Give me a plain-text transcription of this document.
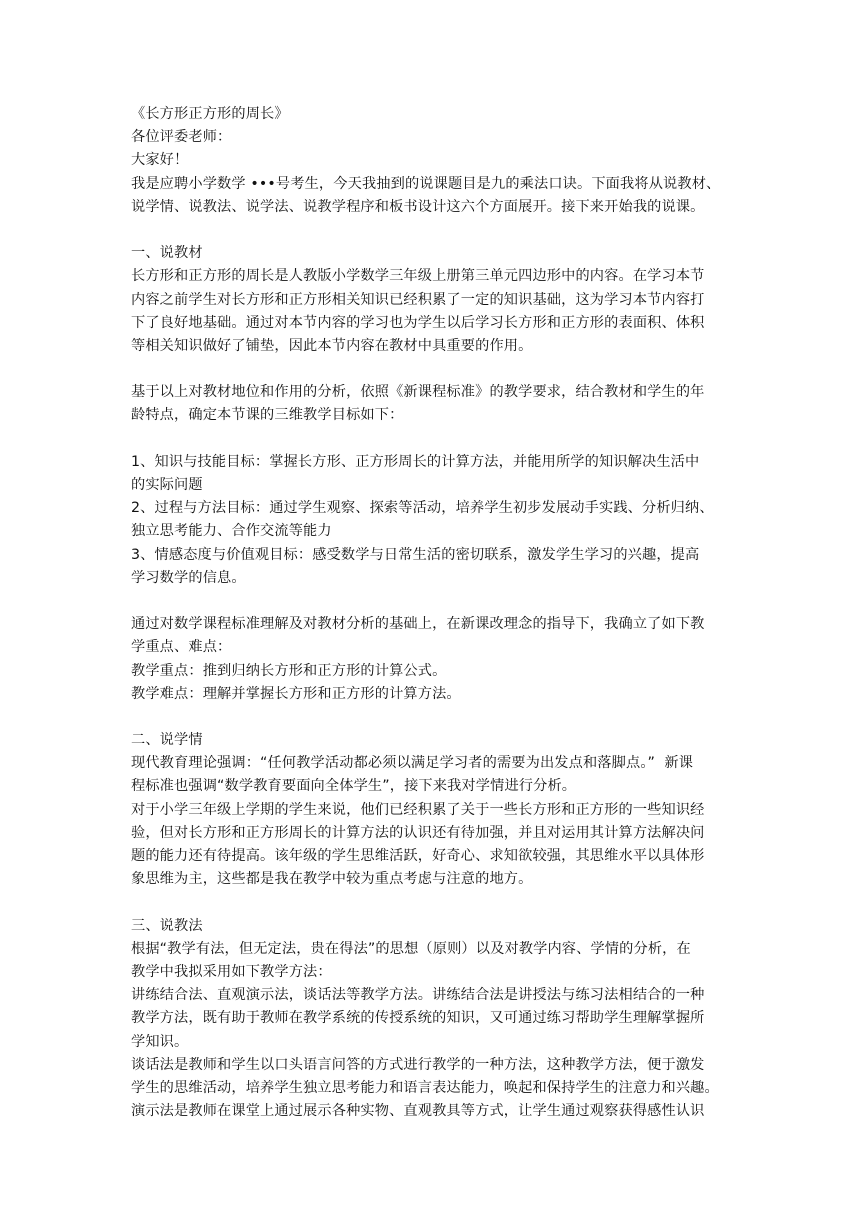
《长方形正方形的周长》
各位评委老师：
大家好！
我是应聘小学数学 •••号考生，今天我抽到的说课题目是九的乘法口诀。下面我将从说教材、
说学情、说教法、说学法、说教学程序和板书设计这六个方面展开。接下来开始我的说课。
一、说教材
长方形和正方形的周长是人教版小学数学三年级上册第三单元四边形中的内容。在学习本节
内容之前学生对长方形和正方形相关知识已经积累了一定的知识基础，这为学习本节内容打
下了良好地基础。通过对本节内容的学习也为学生以后学习长方形和正方形的表面积、体积
等相关知识做好了铺垫，因此本节内容在教材中具重要的作用。
基于以上对教材地位和作用的分析，依照《新课程标准》的教学要求，结合教材和学生的年
龄特点，确定本节课的三维教学目标如下：
1、知识与技能目标：掌握长方形、正方形周长的计算方法，并能用所学的知识解决生活中
的实际问题
2、过程与方法目标：通过学生观察、探索等活动，培养学生初步发展动手实践、分析归纳、
独立思考能力、合作交流等能力
3、情感态度与价值观目标：感受数学与日常生活的密切联系，激发学生学习的兴趣，提高
学习数学的信息。
通过对数学课程标准理解及对教材分析的基础上，在新课改理念的指导下，我确立了如下教
学重点、难点：
教学重点：推到归纳长方形和正方形的计算公式。
教学难点：理解并掌握长方形和正方形的计算方法。
二、说学情
现代教育理论强调：“任何教学活动都必须以满足学习者的需要为出发点和落脚点。”  新课
程标准也强调“数学教育要面向全体学生”，接下来我对学情进行分析。
对于小学三年级上学期的学生来说，他们已经积累了关于一些长方形和正方形的一些知识经
验，但对长方形和正方形周长的计算方法的认识还有待加强，并且对运用其计算方法解决问
题的能力还有待提高。该年级的学生思维活跃，好奇心、求知欲较强，其思维水平以具体形
象思维为主，这些都是我在教学中较为重点考虑与注意的地方。
三、说教法
根据“教学有法，但无定法，贵在得法”的思想（原则）以及对教学内容、学情的分析，在
教学中我拟采用如下教学方法：
讲练结合法、直观演示法，谈话法等教学方法。讲练结合法是讲授法与练习法相结合的一种
教学方法，既有助于教师在教学系统的传授系统的知识，又可通过练习帮助学生理解掌握所
学知识。
谈话法是教师和学生以口头语言问答的方式进行教学的一种方法，这种教学方法，便于激发
学生的思维活动，培养学生独立思考能力和语言表达能力，唤起和保持学生的注意力和兴趣。
演示法是教师在课堂上通过展示各种实物、直观教具等方式，让学生通过观察获得感性认识
